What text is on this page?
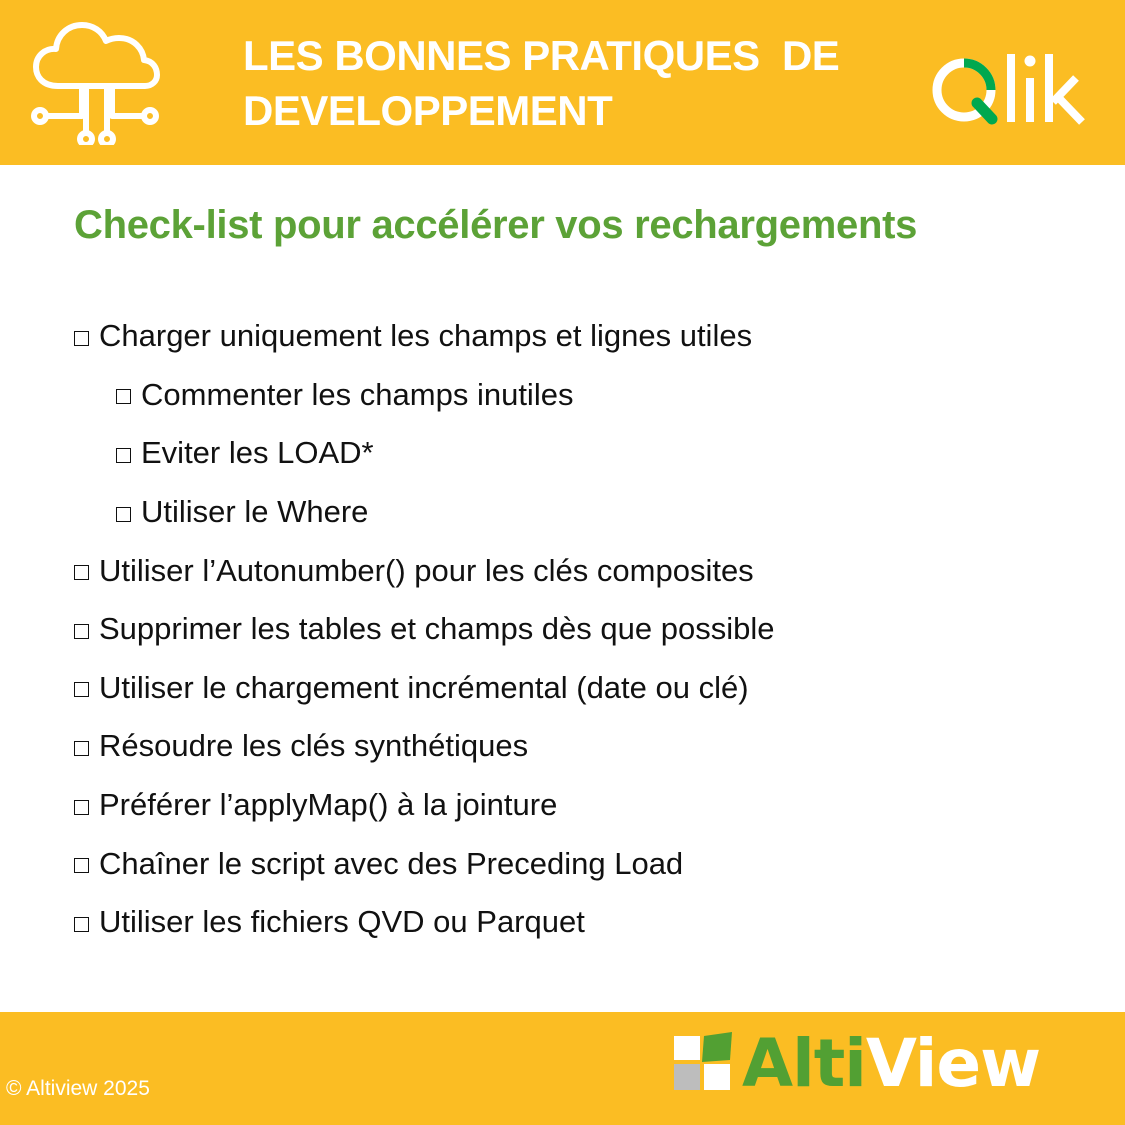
LES BONNES PRATIQUES  DE
DEVELOPPEMENT
Check-list pour accélérer vos rechargements
Charger uniquement les champs et lignes utiles
Commenter les champs inutiles
Eviter les LOAD*
Utiliser le Where
Utiliser l’Autonumber() pour les clés composites
Supprimer les tables et champs dès que possible
Utiliser le chargement incrémental (date ou clé)
Résoudre les clés synthétiques
Préférer l’applyMap() à la jointure
Chaîner le script avec des Preceding Load
Utiliser les fichiers QVD ou Parquet
© Altiview 2025	AltiView
